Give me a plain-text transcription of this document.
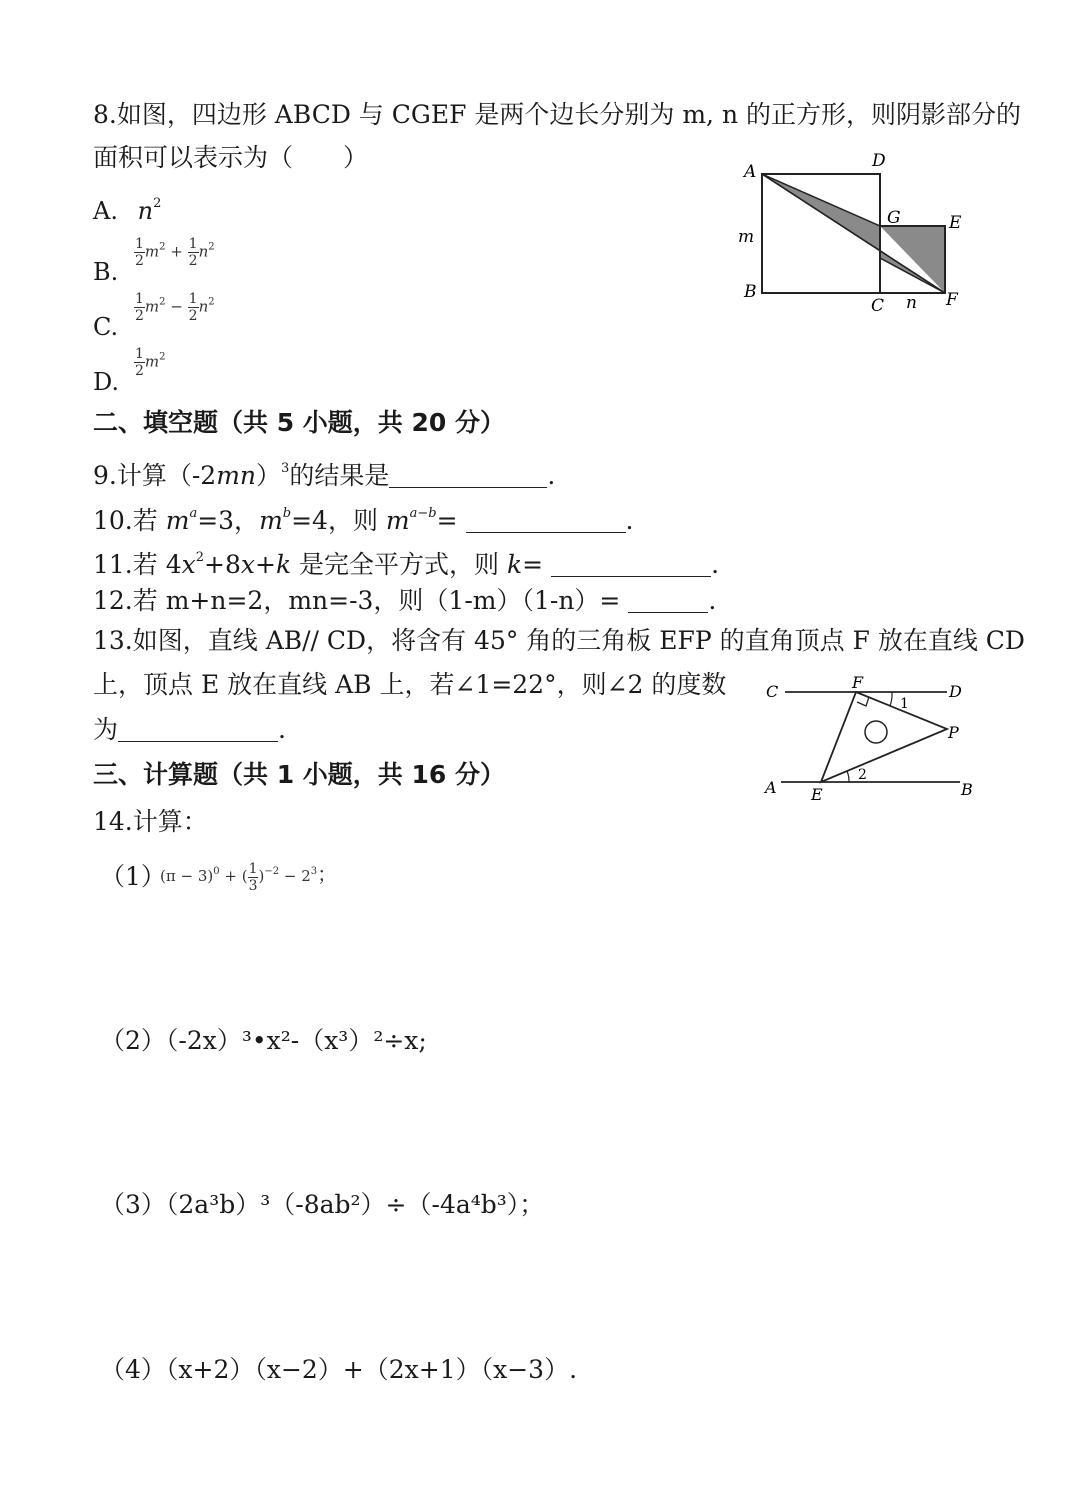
8.如图，四边形 ABCD 与 CGEF 是两个边长分别为 m, n 的正方形，则阴影部分的
面积可以表示为（　　）
A. $n^2$
B.
C.
D.
$\frac{1}{2} m^2 + \frac{1}{2} n^2$
$\frac{1}{2} m^2 - \frac{1}{2} n^2$
$\frac{1}{2} m^2$
A
D
G	E
m
B
C n F
二、填空题（共 5 小题，共 20 分）
9.计算$(-2mn)^3$的结果是	.
10.若 $m^a=3$，$m^b=4$，则 $m^{a-b}=$	.
11.若 $4x^2+8x+k$ 是完全平方式，则 k=	.
12.若 m+n=2，mn=-3，则（1-m）（1-n）=	.
13.如图，直线 AB// CD，将含有 45° 角的三角板 EFP 的直角顶点 F 放在直线 CD
上，顶点 E 放在直线 AB 上，若∠1=22°，则∠2 的度数
为	.
C	F	D
1
P
A E
2
B
三、计算题（共 1 小题，共 16 分）
14.计算：
（1）
$(\pi - 3)^0$ + ( $\frac{1}{3} )^{-2} - 2^3$；
（2）（-2x）³•x²-（x³）²÷x;
（3）（2a³b）³（-8ab²）÷（-4a⁴b³）；
（4）（x+2）（x−2）+（2x+1）（x−3）.
